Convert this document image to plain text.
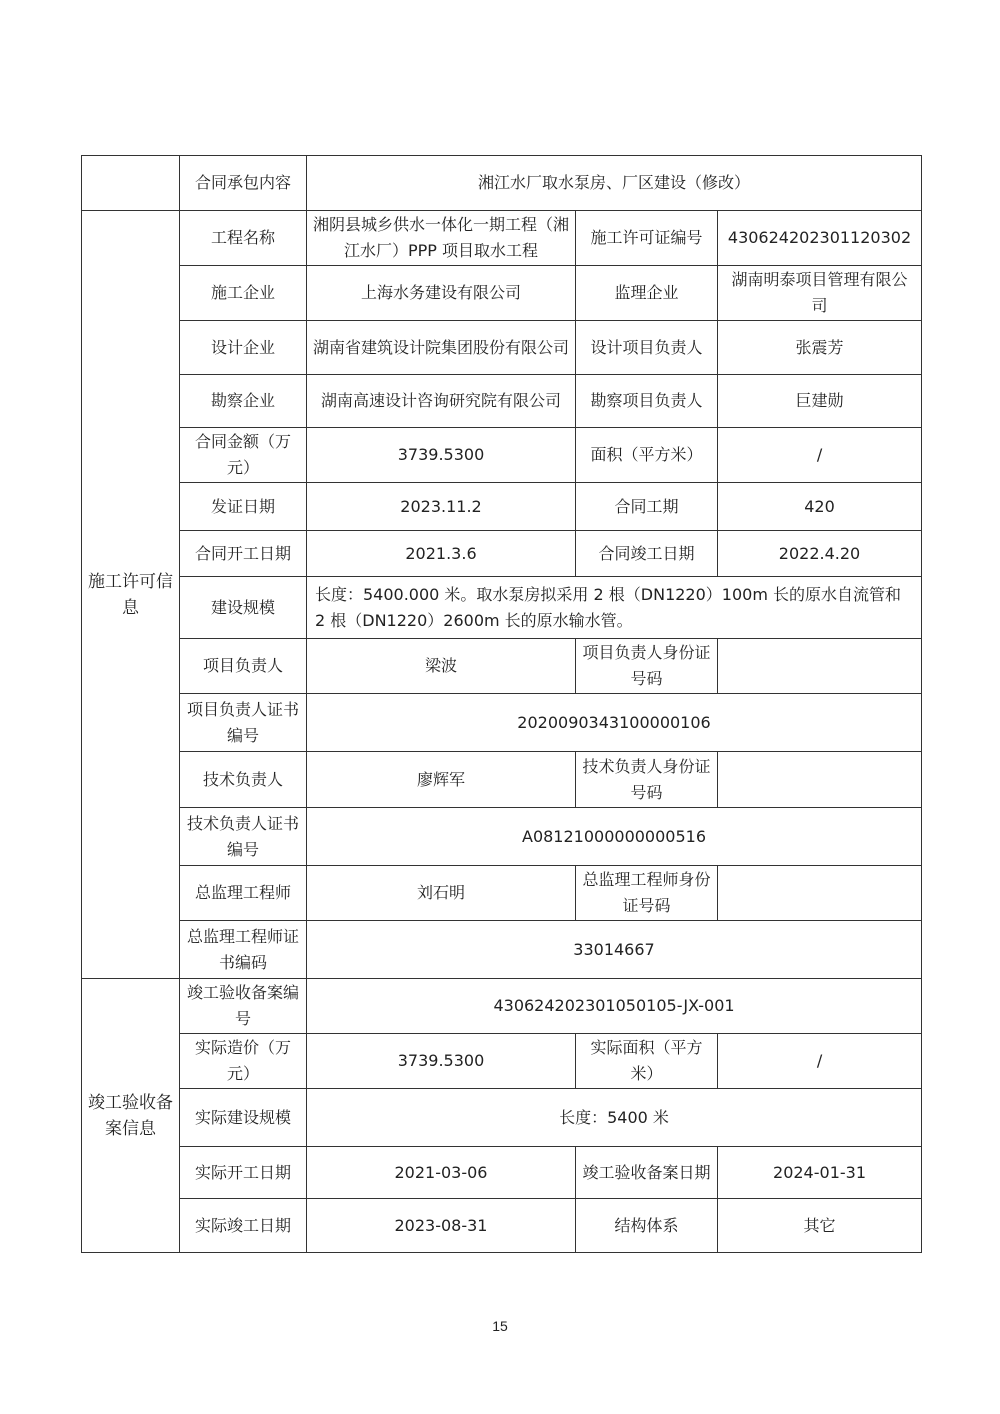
	合同承包内容	湘江水厂取水泵房、厂区建设（修改）		
施工许可信息	工程名称	湘阴县城乡供水一体化一期工程（湘江水厂）PPP 项目取水工程	施工许可证编号	430624202301120302
	施工企业	上海水务建设有限公司	监理企业	湖南明泰项目管理有限公司
	设计企业	湖南省建筑设计院集团股份有限公司	设计项目负责人	张震芳
	勘察企业	湖南高速设计咨询研究院有限公司	勘察项目负责人	巨建勋
	合同金额（万元）	3739.5300	面积（平方米）	/
	发证日期	2023.11.2	合同工期	420
	合同开工日期	2021.3.6	合同竣工日期	2022.4.20
	建设规模	长度：5400.000 米。取水泵房拟采用 2 根（DN1220）100m 长的原水自流管和 2 根（DN1220）2600m 长的原水输水管。		
	项目负责人	梁波	项目负责人身份证号码	
	项目负责人证书编号	2020090343100000106		
	技术负责人	廖辉军	技术负责人身份证号码	
	技术负责人证书编号	A08121000000000516		
	总监理工程师	刘石明	总监理工程师身份证号码	
	总监理工程师证书编码	33014667		
竣工验收备案信息	竣工验收备案编号	430624202301050105-JX-001		
	实际造价（万元）	3739.5300	实际面积（平方米）	/
	实际建设规模	长度：5400 米		
	实际开工日期	2021-03-06	竣工验收备案日期	2024-01-31
	实际竣工日期	2023-08-31	结构体系	其它
15
